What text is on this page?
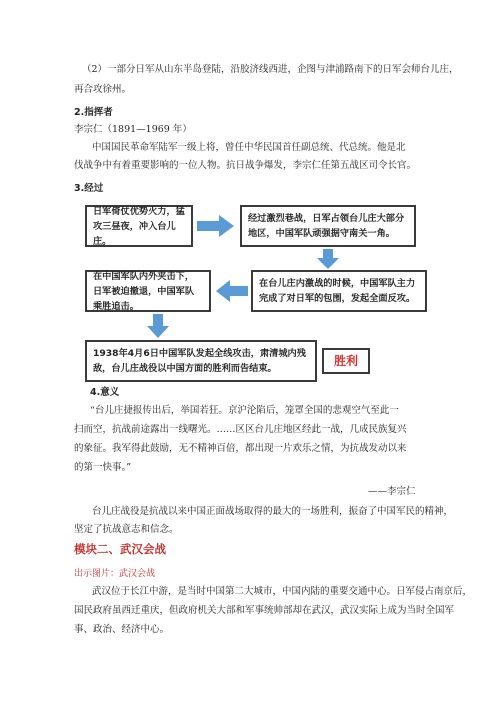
（2）一部分日军从山东半岛登陆，沿胶济线西进，企图与津浦路南下的日军会师台儿庄，
再合攻徐州。
2.指挥者
李宗仁（1891—1969 年）
中国国民革命军陆军一级上将，曾任中华民国首任副总统、代总统。他是北
伐战争中有着重要影响的一位人物。抗日战争爆发，李宗仁任第五战区司令长官。
3.经过
日军倚仗优势火力，猛攻三昼夜，冲入台儿庄。
经过激烈巷战，日军占领台儿庄大部分地区，中国军队顽强据守南关一角。
在台儿庄内激战的时候，中国军队主力完成了对日军的包围，发起全面反攻。
在中国军队内外夹击下，日军被迫撤退，中国军队乘胜追击。
1938年4月6日中国军队发起全线攻击，肃清城内残敌，台儿庄战役以中国方面的胜利而告结束。
胜利
4.意义
“台儿庄捷报传出后，举国若狂。京沪沦陷后，笼罩全国的悲观空气至此一
扫而空，抗战前途露出一线曙光。……区区台儿庄地区经此一战，几成民族复兴
的象征。我军得此鼓励，无不精神百倍，都出现一片欢乐之情，为抗战发动以来
的第一快事。”
——李宗仁
台儿庄战役是抗战以来中国正面战场取得的最大的一场胜利，振奋了中国军民的精神，
坚定了抗战意志和信念。
模块二、武汉会战
出示图片：武汉会战
武汉位于长江中游，是当时中国第二大城市，中国内陆的重要交通中心。日军侵占南京后，
国民政府虽西迁重庆，但政府机关大部和军事统帅部却在武汉，武汉实际上成为当时全国军
事、政治、经济中心。
